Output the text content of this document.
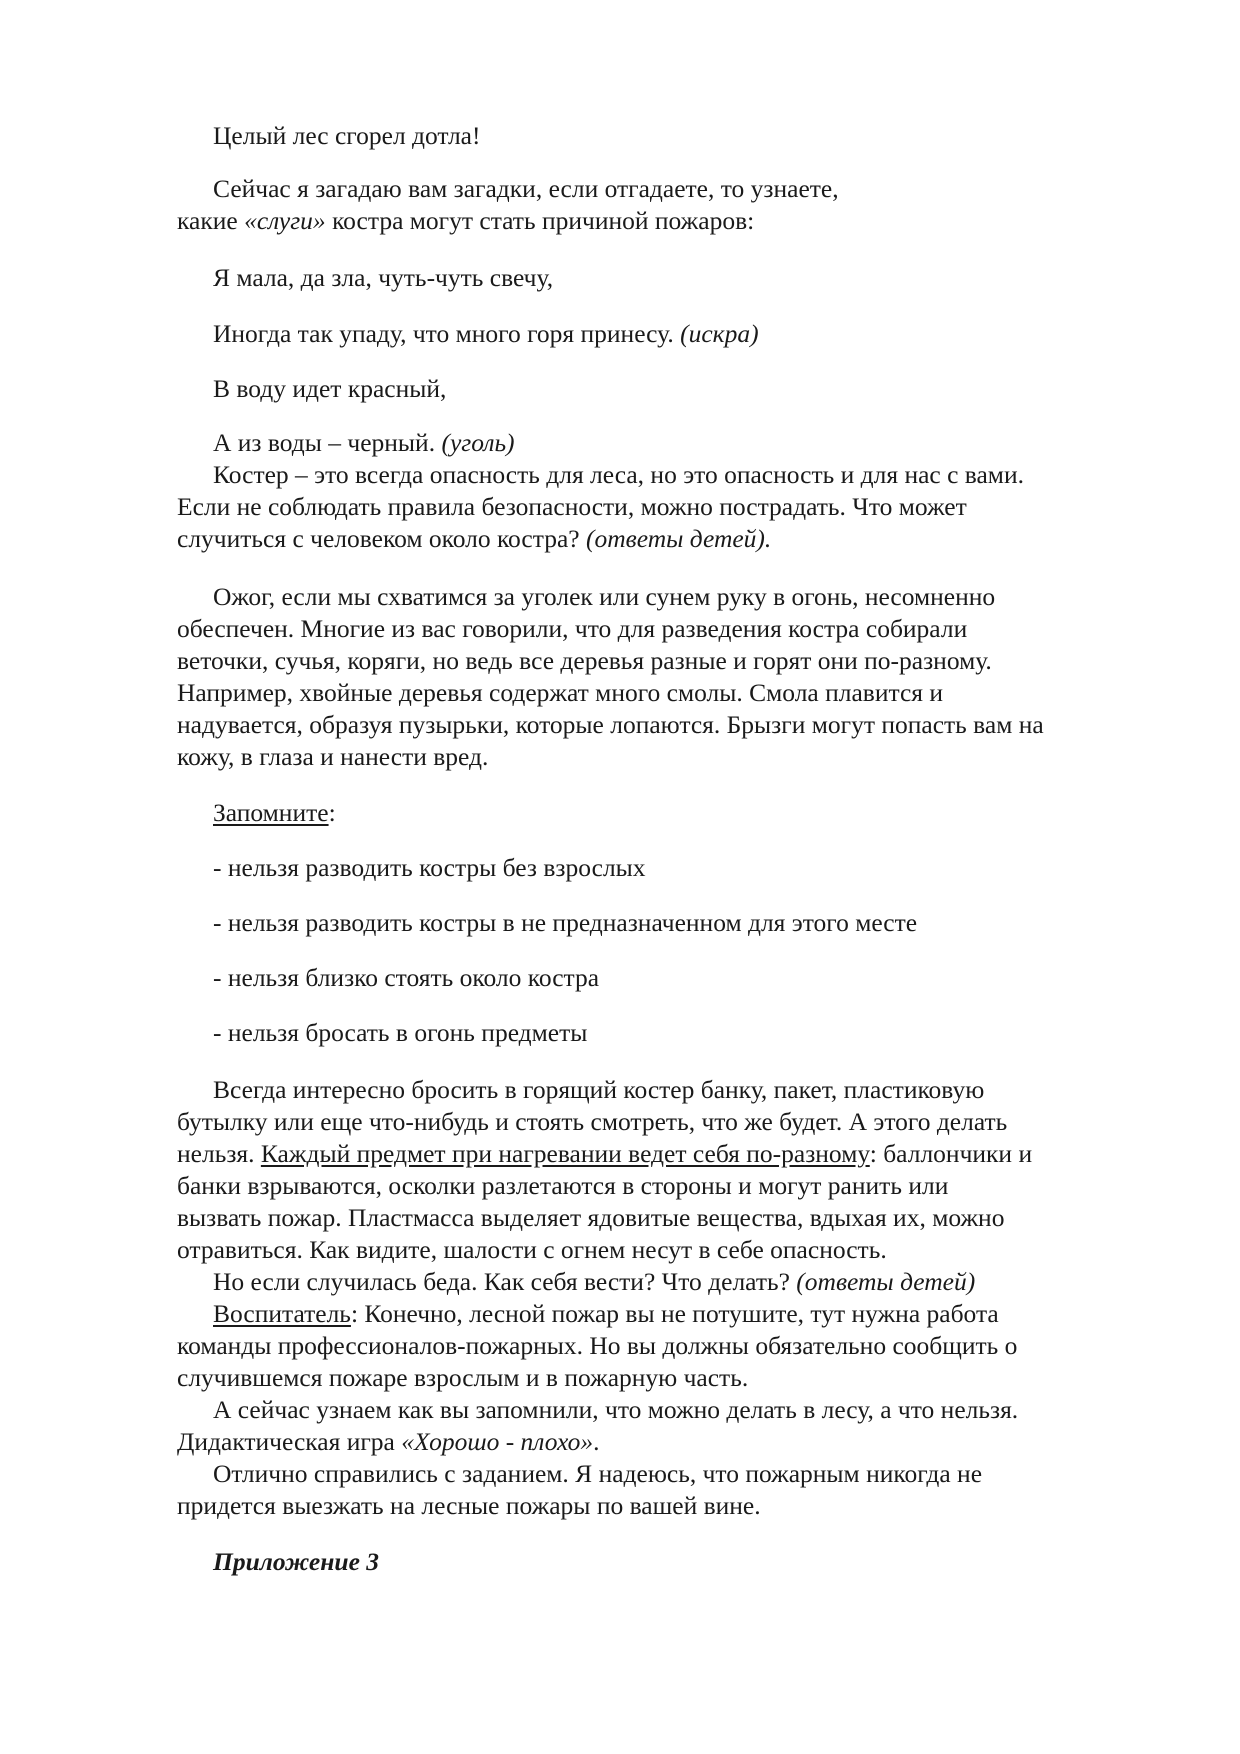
Целый лес сгорел дотла!

Сейчас я загадаю вам загадки, если отгадаете, то узнаете,

какие «слуги» костра могут стать причиной пожаров:

Я мала, да зла, чуть-чуть свечу,

Иногда так упаду, что много горя принесу. (искра)

В воду идет красный,

А из воды – черный. (уголь)

Костер – это всегда опасность для леса, но это опасность и для нас с вами.

Если не соблюдать правила безопасности, можно пострадать. Что может

случиться с человеком около костра? (ответы детей).

Ожог, если мы схватимся за уголек или сунем руку в огонь, несомненно

обеспечен. Многие из вас говорили, что для разведения костра собирали

веточки, сучья, коряги, но ведь все деревья разные и горят они по-разному.

Например, хвойные деревья содержат много смолы. Смола плавится и

надувается, образуя пузырьки, которые лопаются. Брызги могут попасть вам на

кожу, в глаза и нанести вред.

Запомните:

- нельзя разводить костры без взрослых

- нельзя разводить костры в не предназначенном для этого месте

- нельзя близко стоять около костра

- нельзя бросать в огонь предметы

Всегда интересно бросить в горящий костер банку, пакет, пластиковую

бутылку или еще что-нибудь и стоять смотреть, что же будет. А этого делать

нельзя. Каждый предмет при нагревании ведет себя по-разному: баллончики и

банки взрываются, осколки разлетаются в стороны и могут ранить или

вызвать пожар. Пластмасса выделяет ядовитые вещества, вдыхая их, можно

отравиться. Как видите, шалости с огнем несут в себе опасность.

Но если случилась беда. Как себя вести? Что делать? (ответы детей)

Воспитатель: Конечно, лесной пожар вы не потушите, тут нужна работа

команды профессионалов-пожарных. Но вы должны обязательно сообщить о

случившемся пожаре взрослым и в пожарную часть.

А сейчас узнаем как вы запомнили, что можно делать в лесу, а что нельзя.

Дидактическая игра «Хорошо - плохо».

Отлично справились с заданием. Я надеюсь, что пожарным никогда не

придется выезжать на лесные пожары по вашей вине.

Приложение 3
